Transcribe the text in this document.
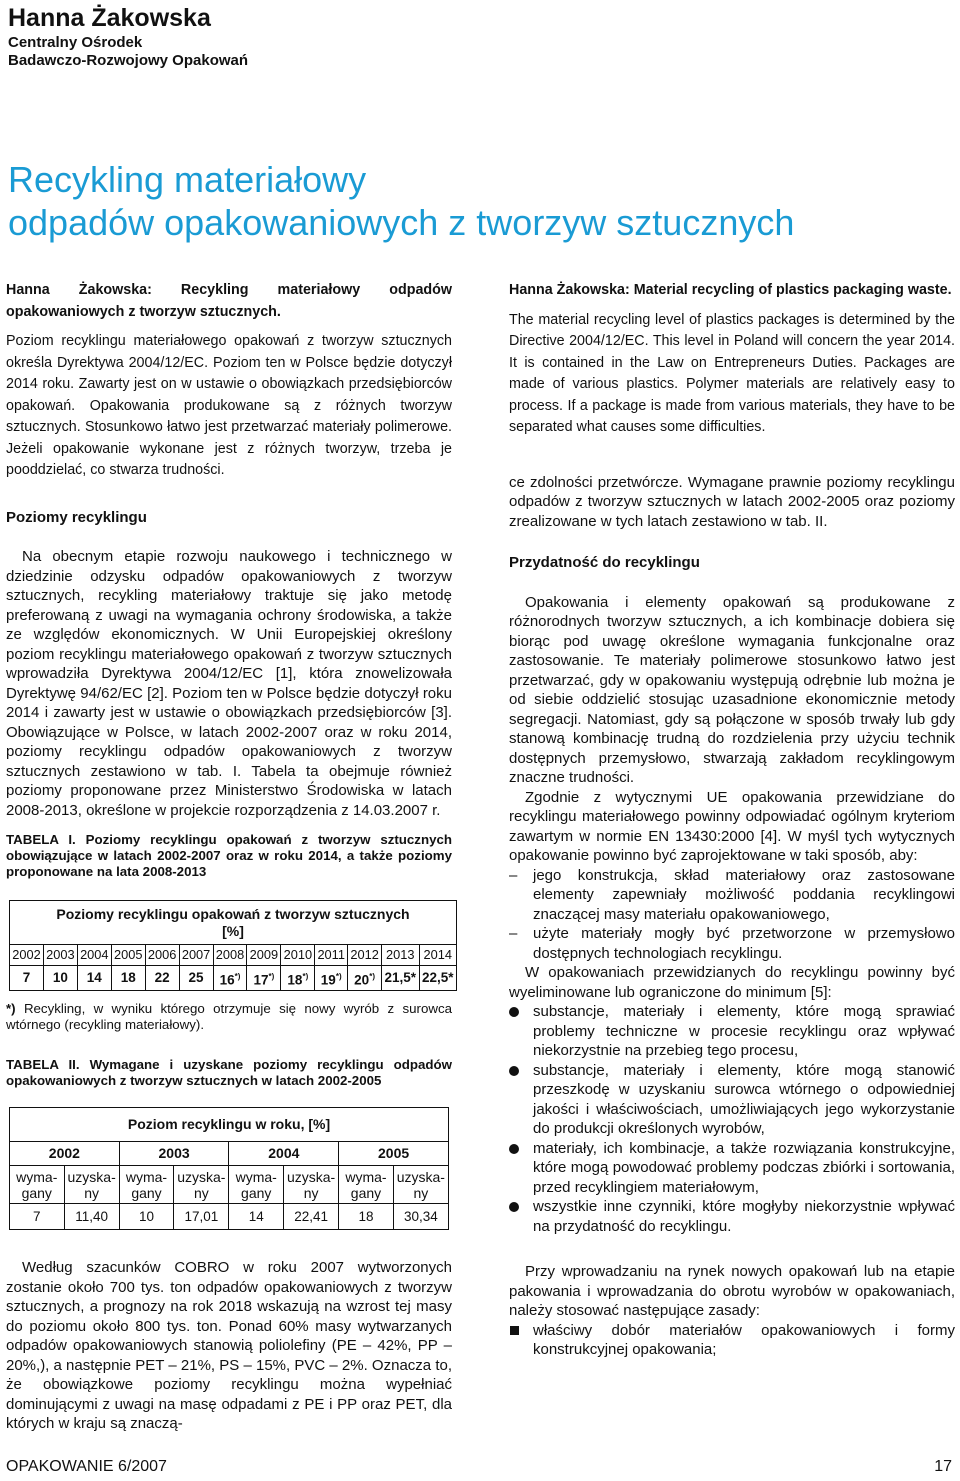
Hanna Żakowska
Centralny Ośrodek
Badawczo-Rozwojowy Opakowań
Recykling materiałowy
odpadów opakowaniowych z tworzyw sztucznych

Hanna Żakowska: Recykling materiałowy odpadów opakowaniowych z tworzyw sztucznych.

Poziom recyklingu materiałowego opakowań z tworzyw sztucznych określa Dyrektywa 2004/12/EC. Poziom ten w Polsce będzie dotyczył 2014 roku. Zawarty jest on w ustawie o obowiązkach przedsiębiorców opakowań. Opakowania produkowane są z różnych tworzyw sztucznych. Stosunkowo łatwo jest przetwarzać materiały polimerowe. Jeżeli opakowanie wykonane jest z różnych tworzyw, trzeba je pooddzielać, co stwarza trudności.

Poziomy recyklingu

Na obecnym etapie rozwoju naukowego i technicznego w dziedzinie odzysku odpadów opakowaniowych z tworzyw sztucznych, recykling materiałowy traktuje się jako metodę preferowaną z uwagi na wymagania ochrony środowiska, a także ze względów ekonomicznych. W Unii Europejskiej określony poziom recyklingu materiałowego opakowań z tworzyw sztucznych wprowadziła Dyrektywa 2004/12/EC [1], która znowelizowała Dyrektywę 94/62/EC [2]. Poziom ten w Polsce będzie dotyczył roku 2014 i zawarty jest w ustawie o obowiązkach przedsiębiorców [3]. Obowiązujące w Polsce, w latach 2002-2007 oraz w roku 2014, poziomy recyklingu odpadów opakowaniowych z tworzyw sztucznych zestawiono w tab. I. Tabela ta obejmuje również poziomy proponowane przez Ministerstwo Środowiska w latach 2008-2013, określone w projekcie rozporządzenia z 14.03.2007 r.

TABELA I. Poziomy recyklingu opakowań z tworzyw sztucznych obowiązujące w latach 2002-2007 oraz w roku 2014, a także poziomy proponowane na lata 2008-2013
Poziomy recyklingu opakowań z tworzyw sztucznych
[%]												

2002	2003	2004	2005	2006	2007	2008	2009	2010	2011	2012	2013	2014
7	10	14	18	22	25	16*)	17*)	18*)	19*)	20*)	21,5*	22,5*
*) Recykling, w wyniku którego otrzymuje się nowy wyrób z surowca wtórnego (recykling materiałowy).
TABELA II. Wymagane i uzyskane poziomy recyklingu odpadów opakowaniowych z tworzyw sztucznych w latach 2002-2005
Poziom recyklingu w roku, [%]							
2002		2003		2004		2005	
wyma-gany	uzyska-ny	wyma-gany	uzyska-ny	wyma-gany	uzyska-ny	wyma-gany	uzyska-ny
7	11,40	10	17,01	14	22,41	18	30,34

Według szacunków COBRO w roku 2007 wytworzonych zostanie około 700 tys. ton odpadów opakowaniowych z tworzyw sztucznych, a prognozy na rok 2018 wskazują na wzrost tej masy do poziomu około 800 tys. ton. Ponad 60% masy wytwarzanych odpadów opakowaniowych stanowią poliolefiny (PE – 42%, PP – 20%,), a następnie PET – 21%, PS – 15%, PVC – 2%. Oznacza to, że obowiązkowe poziomy recyklingu można wypełniać dominującymi z uwagi na masę odpadami z PE i PP oraz PET, dla których w kraju są znaczą-

Hanna Żakowska: Material recycling of plastics packaging waste.

The material recycling level of plastics packages is determined by the Directive 2004/12/EC. This level in Poland will concern the year 2014. It is contained in the Law on Entrepreneurs Duties. Packages are made of various plastics. Polymer materials are relatively easy to process. If a package is made from various materials, they have to be separated what causes some difficulties.

ce zdolności przetwórcze. Wymagane prawnie poziomy recyklingu odpadów z tworzyw sztucznych w latach 2002-2005 oraz poziomy zrealizowane w tych latach zestawiono w tab. II.

Przydatność do recyklingu

Opakowania i elementy opakowań są produkowane z różnorodnych tworzyw sztucznych, a ich kombinacje dobiera się biorąc pod uwagę określone wymagania funkcjonalne oraz zastosowanie. Te materiały polimerowe stosunkowo łatwo jest przetwarzać, gdy w opakowaniu występują odrębnie lub można je od siebie oddzielić stosując uzasadnione ekonomicznie metody segregacji. Natomiast, gdy są połączone w sposób trwały lub gdy stanową kombinację trudną do rozdzielenia przy użyciu technik dostępnych przemysłowo, stwarzają zakładom recyklingowym znaczne trudności.

Zgodnie z wytycznymi UE opakowania przewidziane do recyklingu materiałowego powinny odpowiadać ogólnym kryteriom zawartym w normie EN 13430:2000 [4]. W myśl tych wytycznych opakowanie powinno być zaprojektowane w taki sposób, aby:

– jego konstrukcja, skład materiałowy oraz zastosowane elementy zapewniały możliwość poddania recyklingowi znaczącej masy materiału opakowaniowego,
– użyte materiały mogły być przetworzone w przemysłowo dostępnych technologiach recyklingu.

W opakowaniach przewidzianych do recyklingu powinny być wyeliminowane lub ograniczone do minimum [5]:

substancje, materiały i elementy, które mogą sprawiać problemy techniczne w procesie recyklingu oraz wpływać niekorzystnie na przebieg tego procesu,
substancje, materiały i elementy, które mogą stanowić przeszkodę w uzyskaniu surowca wtórnego o odpowiedniej jakości i właściwościach, umożliwiających jego wykorzystanie do produkcji określonych wyrobów,
materiały, ich kombinacje, a także rozwiązania konstrukcyjne, które mogą powodować problemy podczas zbiórki i sortowania, przed recyklingiem materiałowym,
wszystkie inne czynniki, które mogłyby niekorzystnie wpływać na przydatność do recyklingu.

Przy wprowadzaniu na rynek nowych opakowań lub na etapie pakowania i wprowadzania do obrotu wyrobów w opakowaniach, należy stosować następujące zasady:

właściwy dobór materiałów opakowaniowych i formy konstrukcyjnej opakowania;
OPAKOWANIE 6/2007	17
